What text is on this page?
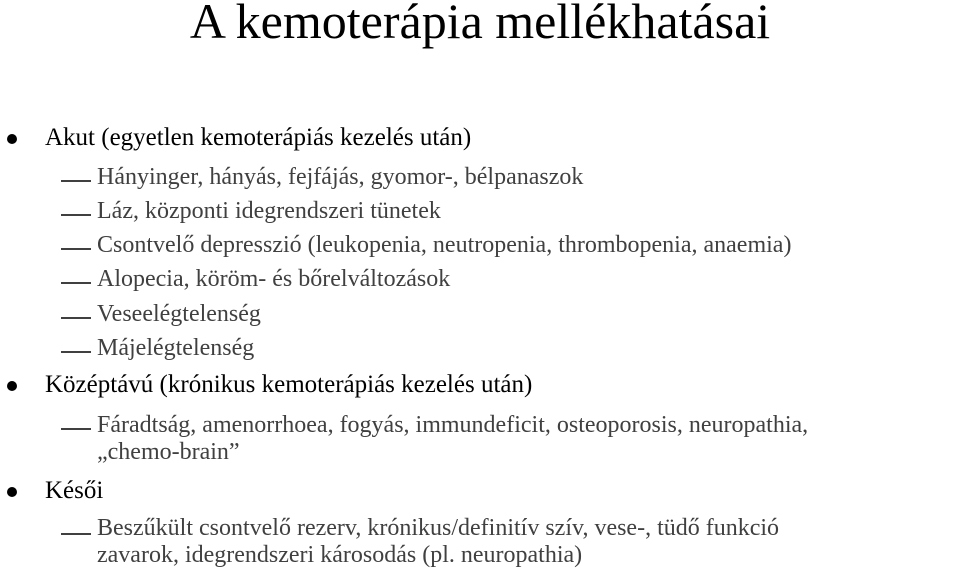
A kemoterápia mellékhatásai
Akut (egyetlen kemoterápiás kezelés után)
Hányinger, hányás, fejfájás, gyomor-, bélpanaszok
Láz, központi idegrendszeri tünetek
Csontvelő depresszió (leukopenia, neutropenia, thrombopenia, anaemia)
Alopecia, köröm- és bőrelváltozások
Veseelégtelenség
Májelégtelenség
Középtávú (krónikus kemoterápiás kezelés után)
Fáradtság, amenorrhoea, fogyás, immundeficit, osteoporosis, neuropathia,
„chemo-brain”
Késői
Beszűkült csontvelő rezerv, krónikus/definitív szív, vese-, tüdő funkció
zavarok, idegrendszeri károsodás (pl. neuropathia)
